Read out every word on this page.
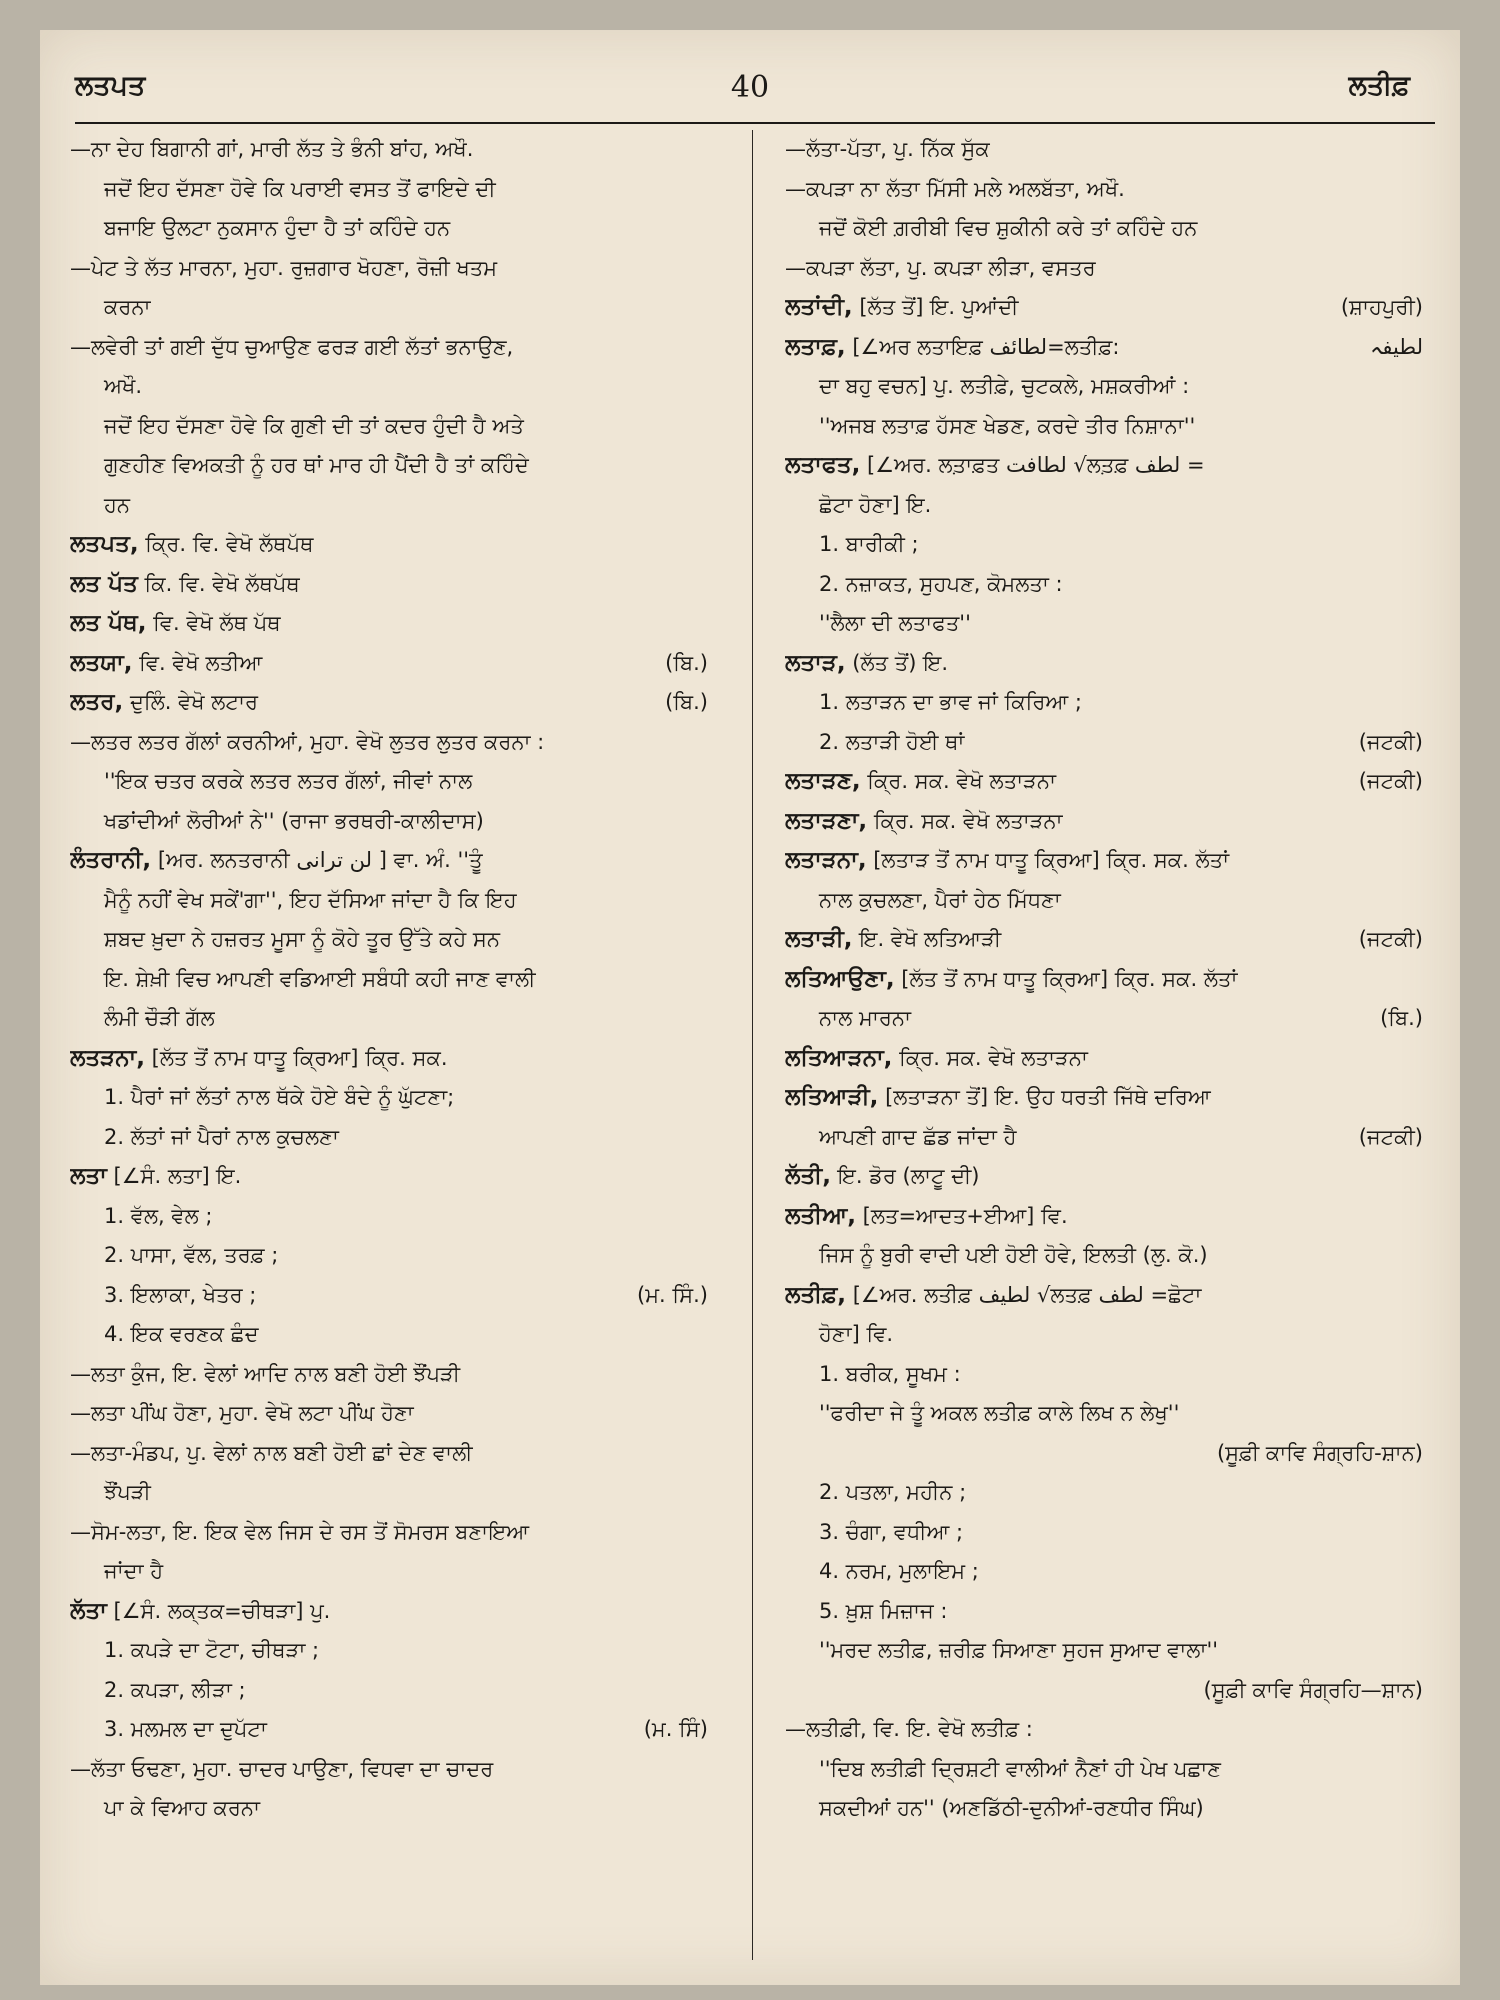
ਲਤਪਤ	40	ਲਤੀਫ਼
—ਨਾ ਦੇਹ ਬਿਗਾਨੀ ਗਾਂ, ਮਾਰੀ ਲੱਤ ਤੇ ਭੰਨੀ ਬਾਂਹ, ਅਖੌ.
ਜਦੋਂ ਇਹ ਦੱਸਣਾ ਹੋਵੇ ਕਿ ਪਰਾਈ ਵਸਤ ਤੋਂ ਫਾਇਦੇ ਦੀ
ਬਜਾਇ ਉਲਟਾ ਨੁਕਸਾਨ ਹੁੰਦਾ ਹੈ ਤਾਂ ਕਹਿੰਦੇ ਹਨ
—ਪੇਟ ਤੇ ਲੱਤ ਮਾਰਨਾ, ਮੁਹਾ. ਰੁਜ਼ਗਾਰ ਖੋਹਣਾ, ਰੋਜ਼ੀ ਖਤਮ
ਕਰਨਾ
—ਲਵੇਰੀ ਤਾਂ ਗਈ ਦੁੱਧ ਚੁਆਉਣ ਫਰੜ ਗਈ ਲੱਤਾਂ ਭਨਾਉਣ,
ਅਖੌ.
ਜਦੋਂ ਇਹ ਦੱਸਣਾ ਹੋਵੇ ਕਿ ਗੁਣੀ ਦੀ ਤਾਂ ਕਦਰ ਹੁੰਦੀ ਹੈ ਅਤੇ
ਗੁਣਹੀਣ ਵਿਅਕਤੀ ਨੂੰ ਹਰ ਥਾਂ ਮਾਰ ਹੀ ਪੈਂਦੀ ਹੈ ਤਾਂ ਕਹਿੰਦੇ
ਹਨ
ਲਤਪਤ, ਕ੍ਰਿ. ਵਿ. ਵੇਖੋ ਲੱਥਪੱਥ
ਲਤ ਪੱਤ ਕਿ. ਵਿ. ਵੇਖੋ ਲੱਥਪੱਥ
ਲਤ ਪੱਥ, ਵਿ. ਵੇਖੋ ਲੱਥ ਪੱਥ
ਲਤਯਾ, ਵਿ. ਵੇਖੋ ਲਤੀਆ	(ਬਿ.)
ਲਤਰ, ਦੁਲਿੰ. ਵੇਖੋ ਲਟਾਰ	(ਬਿ.)
—ਲਤਰ ਲਤਰ ਗੱਲਾਂ ਕਰਨੀਆਂ, ਮੁਹਾ. ਵੇਖੋ ਲੁਤਰ ਲੁਤਰ ਕਰਨਾ :
''ਇਕ ਚਤਰ ਕਰਕੇ ਲਤਰ ਲਤਰ ਗੱਲਾਂ, ਜੀਵਾਂ ਨਾਲ
ਖਡਾਂਦੀਆਂ ਲੋਰੀਆਂ ਨੇ'' (ਰਾਜਾ ਭਰਥਰੀ-ਕਾਲੀਦਾਸ)
ਲੰਤਰਾਨੀ, [ਅਰ. ਲਨਤਰਾਨੀ لن ترانی ] ਵਾ. ਅੰ. ''ਤੂੰ
ਮੈਨੂੰ ਨਹੀਂ ਵੇਖ ਸਕੇਂ'ਗਾ'', ਇਹ ਦੱਸਿਆ ਜਾਂਦਾ ਹੈ ਕਿ ਇਹ
ਸ਼ਬਦ ਖ਼ੁਦਾ ਨੇ ਹਜ਼ਰਤ ਮੂਸਾ ਨੂੰ ਕੋਹੇ ਤੂਰ ਉੱਤੇ ਕਹੇ ਸਨ
ਇ. ਸ਼ੇਖ਼ੀ ਵਿਚ ਆਪਣੀ ਵਡਿਆਈ ਸਬੰਧੀ ਕਹੀ ਜਾਣ ਵਾਲੀ
ਲੰਮੀ ਚੌੜੀ ਗੱਲ
ਲਤੜਨਾ, [ਲੱਤ ਤੋਂ ਨਾਮ ਧਾਤੂ ਕ੍ਰਿਆ] ਕ੍ਰਿ. ਸਕ.
1. ਪੈਰਾਂ ਜਾਂ ਲੱਤਾਂ ਨਾਲ ਥੱਕੇ ਹੋਏ ਬੰਦੇ ਨੂੰ ਘੁੱਟਣਾ;
2. ਲੱਤਾਂ ਜਾਂ ਪੈਰਾਂ ਨਾਲ ਕੁਚਲਣਾ
ਲਤਾ [∠ਸੰ. ਲਤਾ] ਇ.
1. ਵੱਲ, ਵੇਲ ;
2. ਪਾਸਾ, ਵੱਲ, ਤਰਫ਼ ;
3. ਇਲਾਕਾ, ਖੇਤਰ ;	(ਮ. ਸਿੰ.)
4. ਇਕ ਵਰਣਕ ਛੰਦ
—ਲਤਾ ਕੁੰਜ, ਇ. ਵੇਲਾਂ ਆਦਿ ਨਾਲ ਬਣੀ ਹੋਈ ਝੌਂਪੜੀ
—ਲਤਾ ਪੀਂਘ ਹੋਣਾ, ਮੁਹਾ. ਵੇਖੋ ਲਟਾ ਪੀਂਘ ਹੋਣਾ
—ਲਤਾ-ਮੰਡਪ, ਪੁ. ਵੇਲਾਂ ਨਾਲ ਬਣੀ ਹੋਈ ਛਾਂ ਦੇਣ ਵਾਲੀ
ਝੌਂਪੜੀ
—ਸੋਮ-ਲਤਾ, ਇ. ਇਕ ਵੇਲ ਜਿਸ ਦੇ ਰਸ ਤੋਂ ਸੋਮਰਸ ਬਣਾਇਆ
ਜਾਂਦਾ ਹੈ
ਲੱਤਾ [∠ਸੰ. ਲਕ੍ਤਕ=ਚੀਥੜਾ] ਪੁ.
1. ਕਪੜੇ ਦਾ ਟੋਟਾ, ਚੀਥੜਾ ;
2. ਕਪੜਾ, ਲੀੜਾ ;
3. ਮਲਮਲ ਦਾ ਦੁਪੱਟਾ	(ਮ. ਸਿੰ)
—ਲੱਤਾ ਓਢਣਾ, ਮੁਹਾ. ਚਾਦਰ ਪਾਉਣਾ, ਵਿਧਵਾ ਦਾ ਚਾਦਰ
ਪਾ ਕੇ ਵਿਆਹ ਕਰਨਾ
—ਲੱਤਾ-ਪੱਤਾ, ਪੁ. ਨਿੱਕ ਸੁੱਕ
—ਕਪੜਾ ਨਾ ਲੱਤਾ ਮਿੱਸੀ ਮਲੇ ਅਲਬੱਤਾ, ਅਖੌ.
ਜਦੋਂ ਕੋਈ ਗ਼ਰੀਬੀ ਵਿਚ ਸ਼ੁਕੀਨੀ ਕਰੇ ਤਾਂ ਕਹਿੰਦੇ ਹਨ
—ਕਪੜਾ ਲੱਤਾ, ਪੁ. ਕਪੜਾ ਲੀੜਾ, ਵਸਤਰ
ਲਤਾਂਦੀ, [ਲੱਤ ਤੋਂ] ਇ. ਪੁਆਂਦੀ	(ਸ਼ਾਹਪੁਰੀ)
ਲਤਾਫ਼, [∠ਅਰ ਲਤਾਇਫ਼ لطائف=ਲਤੀਫ਼:	لطیفہ
ਦਾ ਬਹੁ ਵਚਨ] ਪੁ. ਲਤੀਫ਼ੇ, ਚੁਟਕਲੇ, ਮਸ਼ਕਰੀਆਂ :
''ਅਜਬ ਲਤਾਫ਼ ਹੱਸਣ ਖੇਡਣ, ਕਰਦੇ ਤੀਰ ਨਿਸ਼ਾਨਾ''
ਲਤਾਫਤ, [∠ਅਰ. ਲਤ਼ਾਫ਼ਤ لطافت √ਲਤ਼ਫ਼ لطف =
ਛੋਟਾ ਹੋਣਾ] ਇ.
1. ਬਾਰੀਕੀ ;
2. ਨਜ਼ਾਕਤ, ਸੁਹਪਣ, ਕੋਮਲਤਾ :
''ਲੈਲਾ ਦੀ ਲਤਾਫਤ''
ਲਤਾੜ, (ਲੱਤ ਤੋਂ) ਇ.
1. ਲਤਾੜਨ ਦਾ ਭਾਵ ਜਾਂ ਕਿਰਿਆ ;
2. ਲਤਾੜੀ ਹੋਈ ਥਾਂ	(ਜਟਕੀ)
ਲਤਾੜਣ, ਕ੍ਰਿ. ਸਕ. ਵੇਖੋ ਲਤਾੜਨਾ	(ਜਟਕੀ)
ਲਤਾੜਣਾ, ਕ੍ਰਿ. ਸਕ. ਵੇਖੋ ਲਤਾੜਨਾ
ਲਤਾੜਨਾ, [ਲਤਾੜ ਤੋਂ ਨਾਮ ਧਾਤੂ ਕ੍ਰਿਆ] ਕ੍ਰਿ. ਸਕ. ਲੱਤਾਂ
ਨਾਲ ਕੁਚਲਣਾ, ਪੈਰਾਂ ਹੇਠ ਮਿੱਧਣਾ
ਲਤਾੜੀ, ਇ. ਵੇਖੋ ਲਤਿਆੜੀ	(ਜਟਕੀ)
ਲਤਿਆਉਣਾ, [ਲੱਤ ਤੋਂ ਨਾਮ ਧਾਤੂ ਕ੍ਰਿਆ] ਕ੍ਰਿ. ਸਕ. ਲੱਤਾਂ
ਨਾਲ ਮਾਰਨਾ	(ਬਿ.)
ਲਤਿਆੜਨਾ, ਕ੍ਰਿ. ਸਕ. ਵੇਖੋ ਲਤਾੜਨਾ
ਲਤਿਆੜੀ, [ਲਤਾੜਨਾ ਤੋਂ] ਇ. ਉਹ ਧਰਤੀ ਜਿੱਥੇ ਦਰਿਆ
ਆਪਣੀ ਗਾਦ ਛੱਡ ਜਾਂਦਾ ਹੈ	(ਜਟਕੀ)
ਲੱਤੀ, ਇ. ਡੋਰ (ਲਾਟੂ ਦੀ)
ਲਤੀਆ, [ਲਤ=ਆਦਤ+ਈਆ] ਵਿ.
ਜਿਸ ਨੂੰ ਬੁਰੀ ਵਾਦੀ ਪਈ ਹੋਈ ਹੋਵੇ, ਇਲਤੀ (ਲੁ. ਕੋ.)
ਲਤੀਫ਼, [∠ਅਰ. ਲਤੀਫ਼ لطیف √ਲਤਫ਼ لطف =ਛੋਟਾ
ਹੋਣਾ] ਵਿ.
1. ਬਰੀਕ, ਸੂਖਮ :
''ਫਰੀਦਾ ਜੇ ਤੂੰ ਅਕਲ ਲਤੀਫ਼ ਕਾਲੇ ਲਿਖ ਨ ਲੇਖੁ''
(ਸੂਫ਼ੀ ਕਾਵਿ ਸੰਗ੍ਰਹਿ-ਸ਼ਾਨ)
2. ਪਤਲਾ, ਮਹੀਨ ;
3. ਚੰਗਾ, ਵਧੀਆ ;
4. ਨਰਮ, ਮੁਲਾਇਮ ;
5. ਖ਼ੁਸ਼ ਮਿਜ਼ਾਜ :
''ਮਰਦ ਲਤੀਫ਼, ਜ਼ਰੀਫ਼ ਸਿਆਣਾ ਸੁਹਜ ਸੁਆਦ ਵਾਲਾ''
(ਸੂਫ਼ੀ ਕਾਵਿ ਸੰਗ੍ਰਹਿ—ਸ਼ਾਨ)
—ਲਤੀਫ਼ੀ, ਵਿ. ਇ. ਵੇਖੋ ਲਤੀਫ਼ :
''ਦਿਬ ਲਤੀਫ਼ੀ ਦ੍ਰਿਸ਼ਟੀ ਵਾਲੀਆਂ ਨੈਣਾਂ ਹੀ ਪੇਖ ਪਛਾਣ
ਸਕਦੀਆਂ ਹਨ'' (ਅਣਡਿੱਠੀ-ਦੁਨੀਆਂ-ਰਣਧੀਰ ਸਿੰਘ)
